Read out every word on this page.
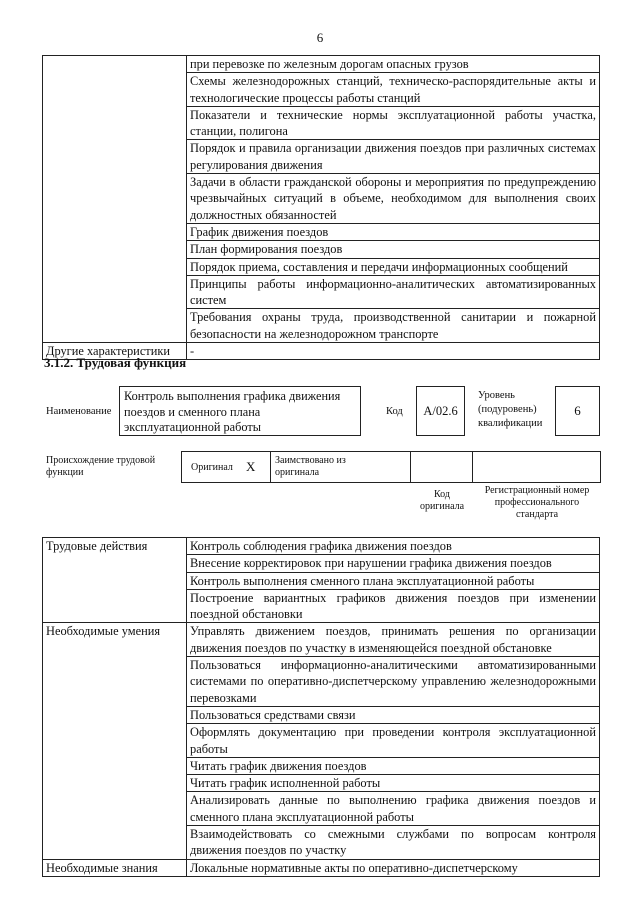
6
	при перевозке по железным дорогам опасных грузов
	Схемы железнодорожных станций, техническо-распорядительные акты и технологические процессы работы станций
	Показатели и технические нормы эксплуатационной работы участка, станции, полигона
	Порядок и правила организации движения поездов при различных системах регулирования движения
	Задачи в области гражданской обороны и мероприятия по предупреждению чрезвычайных ситуаций в объеме, необходимом для выполнения своих должностных обязанностей
	График движения поездов
	План формирования поездов
	Порядок приема, составления и передачи информационных сообщений
	Принципы работы информационно-аналитических автоматизированных систем
	Требования охраны труда, производственной санитарии и пожарной безопасности на железнодорожном транспорте
Другие характеристики	-
3.1.2. Трудовая функция
Наименование
Контроль выполнения графика движения поездов и сменного плана эксплуатационной работы
Код	A/02.6
Уровень (подуровень) квалификации
6
Происхождение трудовой функции	Оригинал X Заимствовано из оригинала
Код оригинала
Регистрационный номер профессионального стандарта
Трудовые действия	Контроль соблюдения графика движения поездов
	Внесение корректировок при нарушении графика движения поездов
	Контроль выполнения сменного плана эксплуатационной работы
	Построение вариантных графиков движения поездов при изменении поездной обстановки
Необходимые умения	Управлять движением поездов, принимать решения по организации движения поездов по участку в изменяющейся поездной обстановке
	Пользоваться информационно-аналитическими автоматизированными системами по оперативно-диспетчерскому управлению железнодорожными перевозками
	Пользоваться средствами связи
	Оформлять документацию при проведении контроля эксплуатационной работы
	Читать график движения поездов
	Читать график исполненной работы
	Анализировать данные по выполнению графика движения поездов и сменного плана эксплуатационной работы
	Взаимодействовать со смежными службами по вопросам контроля движения поездов по участку
Необходимые знания	Локальные нормативные акты по оперативно-диспетчерскому
